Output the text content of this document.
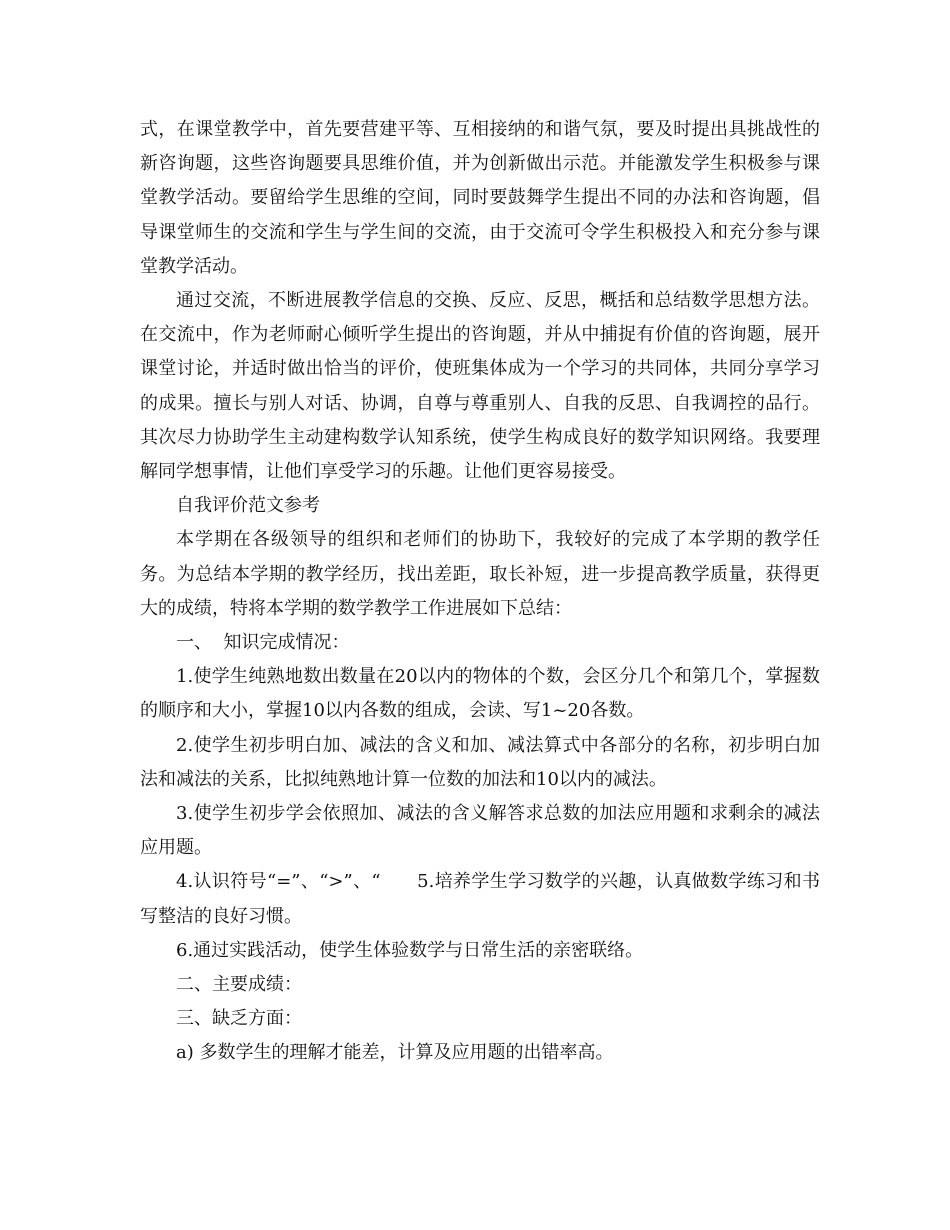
式，在课堂教学中，首先要营建平等、互相接纳的和谐气氛，要及时提出具挑战性的新咨询题，这些咨询题要具思维价值，并为创新做出示范。并能激发学生积极参与课堂教学活动。要留给学生思维的空间，同时要鼓舞学生提出不同的办法和咨询题，倡导课堂师生的交流和学生与学生间的交流，由于交流可令学生积极投入和充分参与课堂教学活动。

通过交流，不断进展教学信息的交换、反应、反思，概括和总结数学思想方法。在交流中，作为老师耐心倾听学生提出的咨询题，并从中捕捉有价值的咨询题，展开课堂讨论，并适时做出恰当的评价，使班集体成为一个学习的共同体，共同分享学习的成果。擅长与别人对话、协调，自尊与尊重别人、自我的反思、自我调控的品行。其次尽力协助学生主动建构数学认知系统，使学生构成良好的数学知识网络。我要理解同学想事情，让他们享受学习的乐趣。让他们更容易接受。

自我评价范文参考

本学期在各级领导的组织和老师们的协助下，我较好的完成了本学期的教学任务。为总结本学期的教学经历，找出差距，取长补短，进一步提高教学质量，获得更大的成绩，特将本学期的数学教学工作进展如下总结：

一、  知识完成情况：

1.使学生纯熟地数出数量在20以内的物体的个数，会区分几个和第几个，掌握数的顺序和大小，掌握10以内各数的组成，会读、写1~20各数。

2.使学生初步明白加、减法的含义和加、减法算式中各部分的名称，初步明白加法和减法的关系，比拟纯熟地计算一位数的加法和10以内的减法。

3.使学生初步学会依照加、减法的含义解答求总数的加法应用题和求剩余的减法应用题。

4.认识符号“=”、“>”、“      5.培养学生学习数学的兴趣，认真做数学练习和书写整洁的良好习惯。

6.通过实践活动，使学生体验数学与日常生活的亲密联络。

二、主要成绩：

三、缺乏方面：

a) 多数学生的理解才能差，计算及应用题的出错率高。
